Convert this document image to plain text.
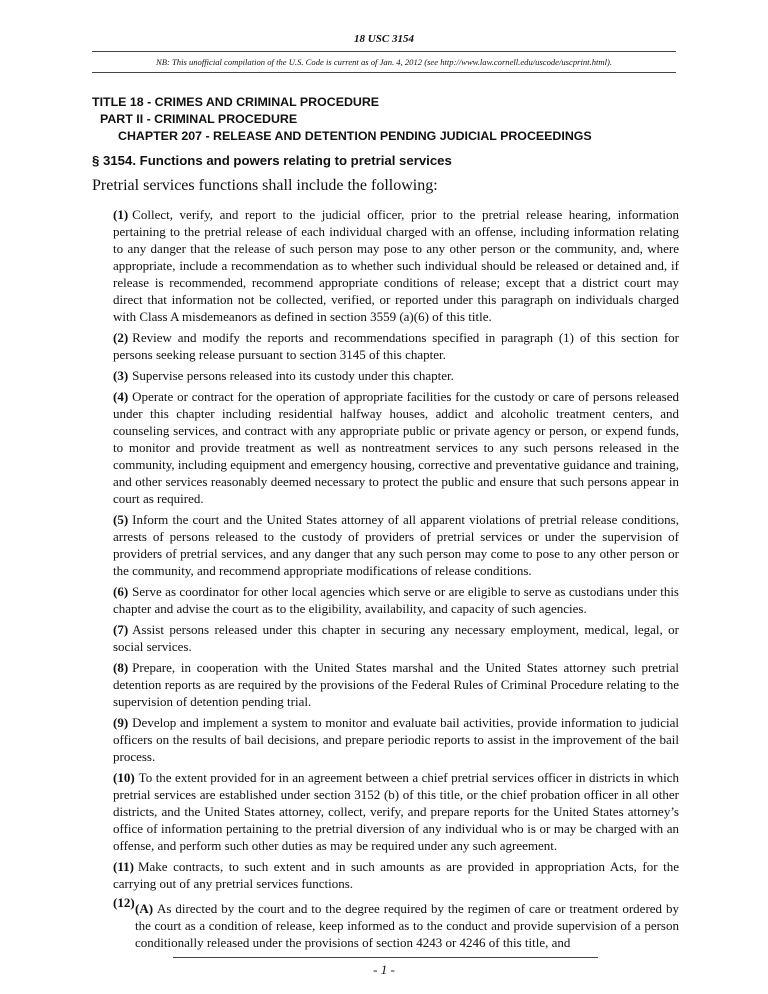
18 USC 3154
NB: This unofficial compilation of the U.S. Code is current as of Jan. 4, 2012 (see http://www.law.cornell.edu/uscode/uscprint.html).
TITLE 18 - CRIMES AND CRIMINAL PROCEDURE
PART II - CRIMINAL PROCEDURE
CHAPTER 207 - RELEASE AND DETENTION PENDING JUDICIAL PROCEEDINGS
§ 3154. Functions and powers relating to pretrial services
Pretrial services functions shall include the following:
(1) Collect, verify, and report to the judicial officer, prior to the pretrial release hearing, information pertaining to the pretrial release of each individual charged with an offense, including information relating to any danger that the release of such person may pose to any other person or the community, and, where appropriate, include a recommendation as to whether such individual should be released or detained and, if release is recommended, recommend appropriate conditions of release; except that a district court may direct that information not be collected, verified, or reported under this paragraph on individuals charged with Class A misdemeanors as defined in section 3559 (a)(6) of this title.
(2) Review and modify the reports and recommendations specified in paragraph (1) of this section for persons seeking release pursuant to section 3145 of this chapter.
(3) Supervise persons released into its custody under this chapter.
(4) Operate or contract for the operation of appropriate facilities for the custody or care of persons released under this chapter including residential halfway houses, addict and alcoholic treatment centers, and counseling services, and contract with any appropriate public or private agency or person, or expend funds, to monitor and provide treatment as well as nontreatment services to any such persons released in the community, including equipment and emergency housing, corrective and preventative guidance and training, and other services reasonably deemed necessary to protect the public and ensure that such persons appear in court as required.
(5) Inform the court and the United States attorney of all apparent violations of pretrial release conditions, arrests of persons released to the custody of providers of pretrial services or under the supervision of providers of pretrial services, and any danger that any such person may come to pose to any other person or the community, and recommend appropriate modifications of release conditions.
(6) Serve as coordinator for other local agencies which serve or are eligible to serve as custodians under this chapter and advise the court as to the eligibility, availability, and capacity of such agencies.
(7) Assist persons released under this chapter in securing any necessary employment, medical, legal, or social services.
(8) Prepare, in cooperation with the United States marshal and the United States attorney such pretrial detention reports as are required by the provisions of the Federal Rules of Criminal Procedure relating to the supervision of detention pending trial.
(9) Develop and implement a system to monitor and evaluate bail activities, provide information to judicial officers on the results of bail decisions, and prepare periodic reports to assist in the improvement of the bail process.
(10) To the extent provided for in an agreement between a chief pretrial services officer in districts in which pretrial services are established under section 3152 (b) of this title, or the chief probation officer in all other districts, and the United States attorney, collect, verify, and prepare reports for the United States attorney’s office of information pertaining to the pretrial diversion of any individual who is or may be charged with an offense, and perform such other duties as may be required under any such agreement.
(11) Make contracts, to such extent and in such amounts as are provided in appropriation Acts, for the carrying out of any pretrial services functions.
(12) (A) As directed by the court and to the degree required by the regimen of care or treatment ordered by the court as a condition of release, keep informed as to the conduct and provide supervision of a person conditionally released under the provisions of section 4243 or 4246 of this title, and
- 1 -
